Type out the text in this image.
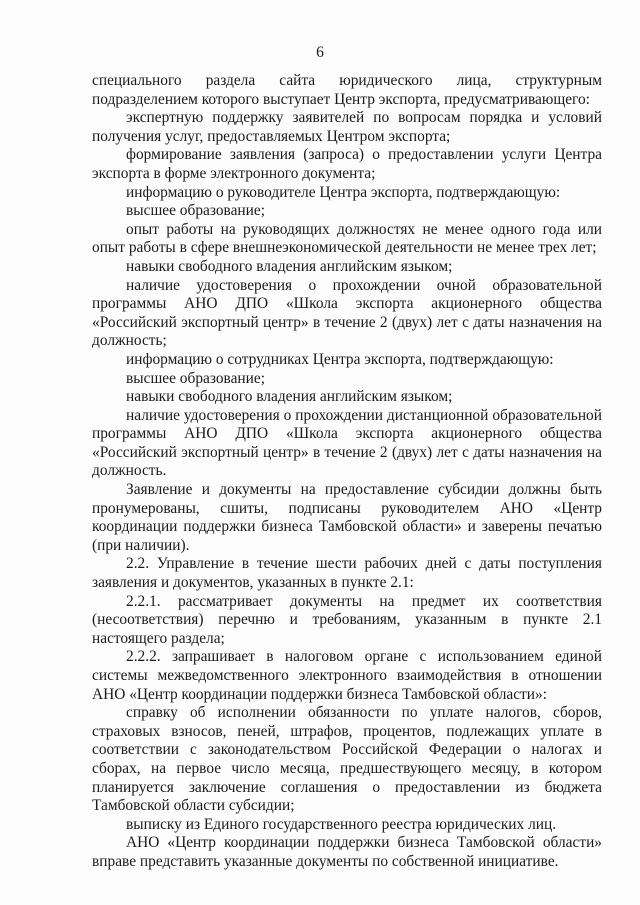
6

специального раздела сайта юридического лица, структурным подразделением которого выступает Центр экспорта, предусматривающего:

экспертную поддержку заявителей по вопросам порядка и условий получения услуг, предоставляемых Центром экспорта;

формирование заявления (запроса) о предоставлении услуги Центра экспорта в форме электронного документа;

информацию о руководителе Центра экспорта, подтверждающую:

высшее образование;

опыт работы на руководящих должностях не менее одного года или опыт работы в сфере внешнеэкономической деятельности не менее трех лет;

навыки свободного владения английским языком;

наличие удостоверения о прохождении очной образовательной программы АНО ДПО «Школа экспорта акционерного общества «Российский экспортный центр» в течение 2 (двух) лет с даты назначения на должность;

информацию о сотрудниках Центра экспорта, подтверждающую:

высшее образование;

навыки свободного владения английским языком;

наличие удостоверения о прохождении дистанционной образовательной программы АНО ДПО «Школа экспорта акционерного общества «Российский экспортный центр» в течение 2 (двух) лет с даты назначения на должность.

Заявление и документы на предоставление субсидии должны быть пронумерованы, сшиты, подписаны руководителем АНО «Центр координации поддержки бизнеса Тамбовской области» и заверены печатью (при наличии).

2.2. Управление в течение шести рабочих дней с даты поступления заявления и документов, указанных в пункте 2.1:

2.2.1. рассматривает документы на предмет их соответствия (несоответствия) перечню и требованиям, указанным в пункте 2.1 настоящего раздела;

2.2.2. запрашивает в налоговом органе с использованием единой системы межведомственного электронного взаимодействия в отношении АНО «Центр координации поддержки бизнеса Тамбовской области»:

справку об исполнении обязанности по уплате налогов, сборов, страховых взносов, пеней, штрафов, процентов, подлежащих уплате в соответствии с законодательством Российской Федерации о налогах и сборах, на первое число месяца, предшествующего месяцу, в котором планируется заключение соглашения о предоставлении из бюджета Тамбовской области субсидии;

выписку из Единого государственного реестра юридических лиц.

АНО «Центр координации поддержки бизнеса Тамбовской области» вправе представить указанные документы по собственной инициативе.
